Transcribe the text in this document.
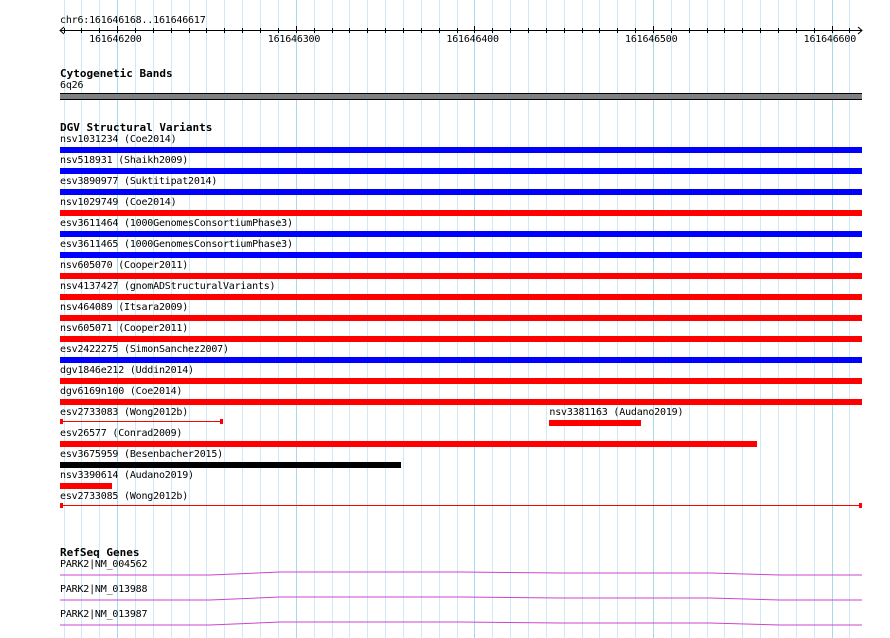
chr6:161646168..161646617
161646200	161646300	161646400	161646500	161646600
Cytogenetic Bands
6q26
DGV Structural Variants
nsv1031234 (Coe2014)
nsv518931 (Shaikh2009)
esv3890977 (Suktitipat2014)
nsv1029749 (Coe2014)
esv3611464 (1000GenomesConsortiumPhase3)
esv3611465 (1000GenomesConsortiumPhase3)
nsv605070 (Cooper2011)
nsv4137427 (gnomADStructuralVariants)
nsv464089 (Itsara2009)
nsv605071 (Cooper2011)
esv2422275 (SimonSanchez2007)
dgv1846e212 (Uddin2014)
dgv6169n100 (Coe2014)
esv2733083 (Wong2012b)	nsv3381163 (Audano2019)
esv26577 (Conrad2009)
esv3675959 (Besenbacher2015)
nsv3390614 (Audano2019)
esv2733085 (Wong2012b)
RefSeq Genes
PARK2|NM_004562
PARK2|NM_013988
PARK2|NM_013987
